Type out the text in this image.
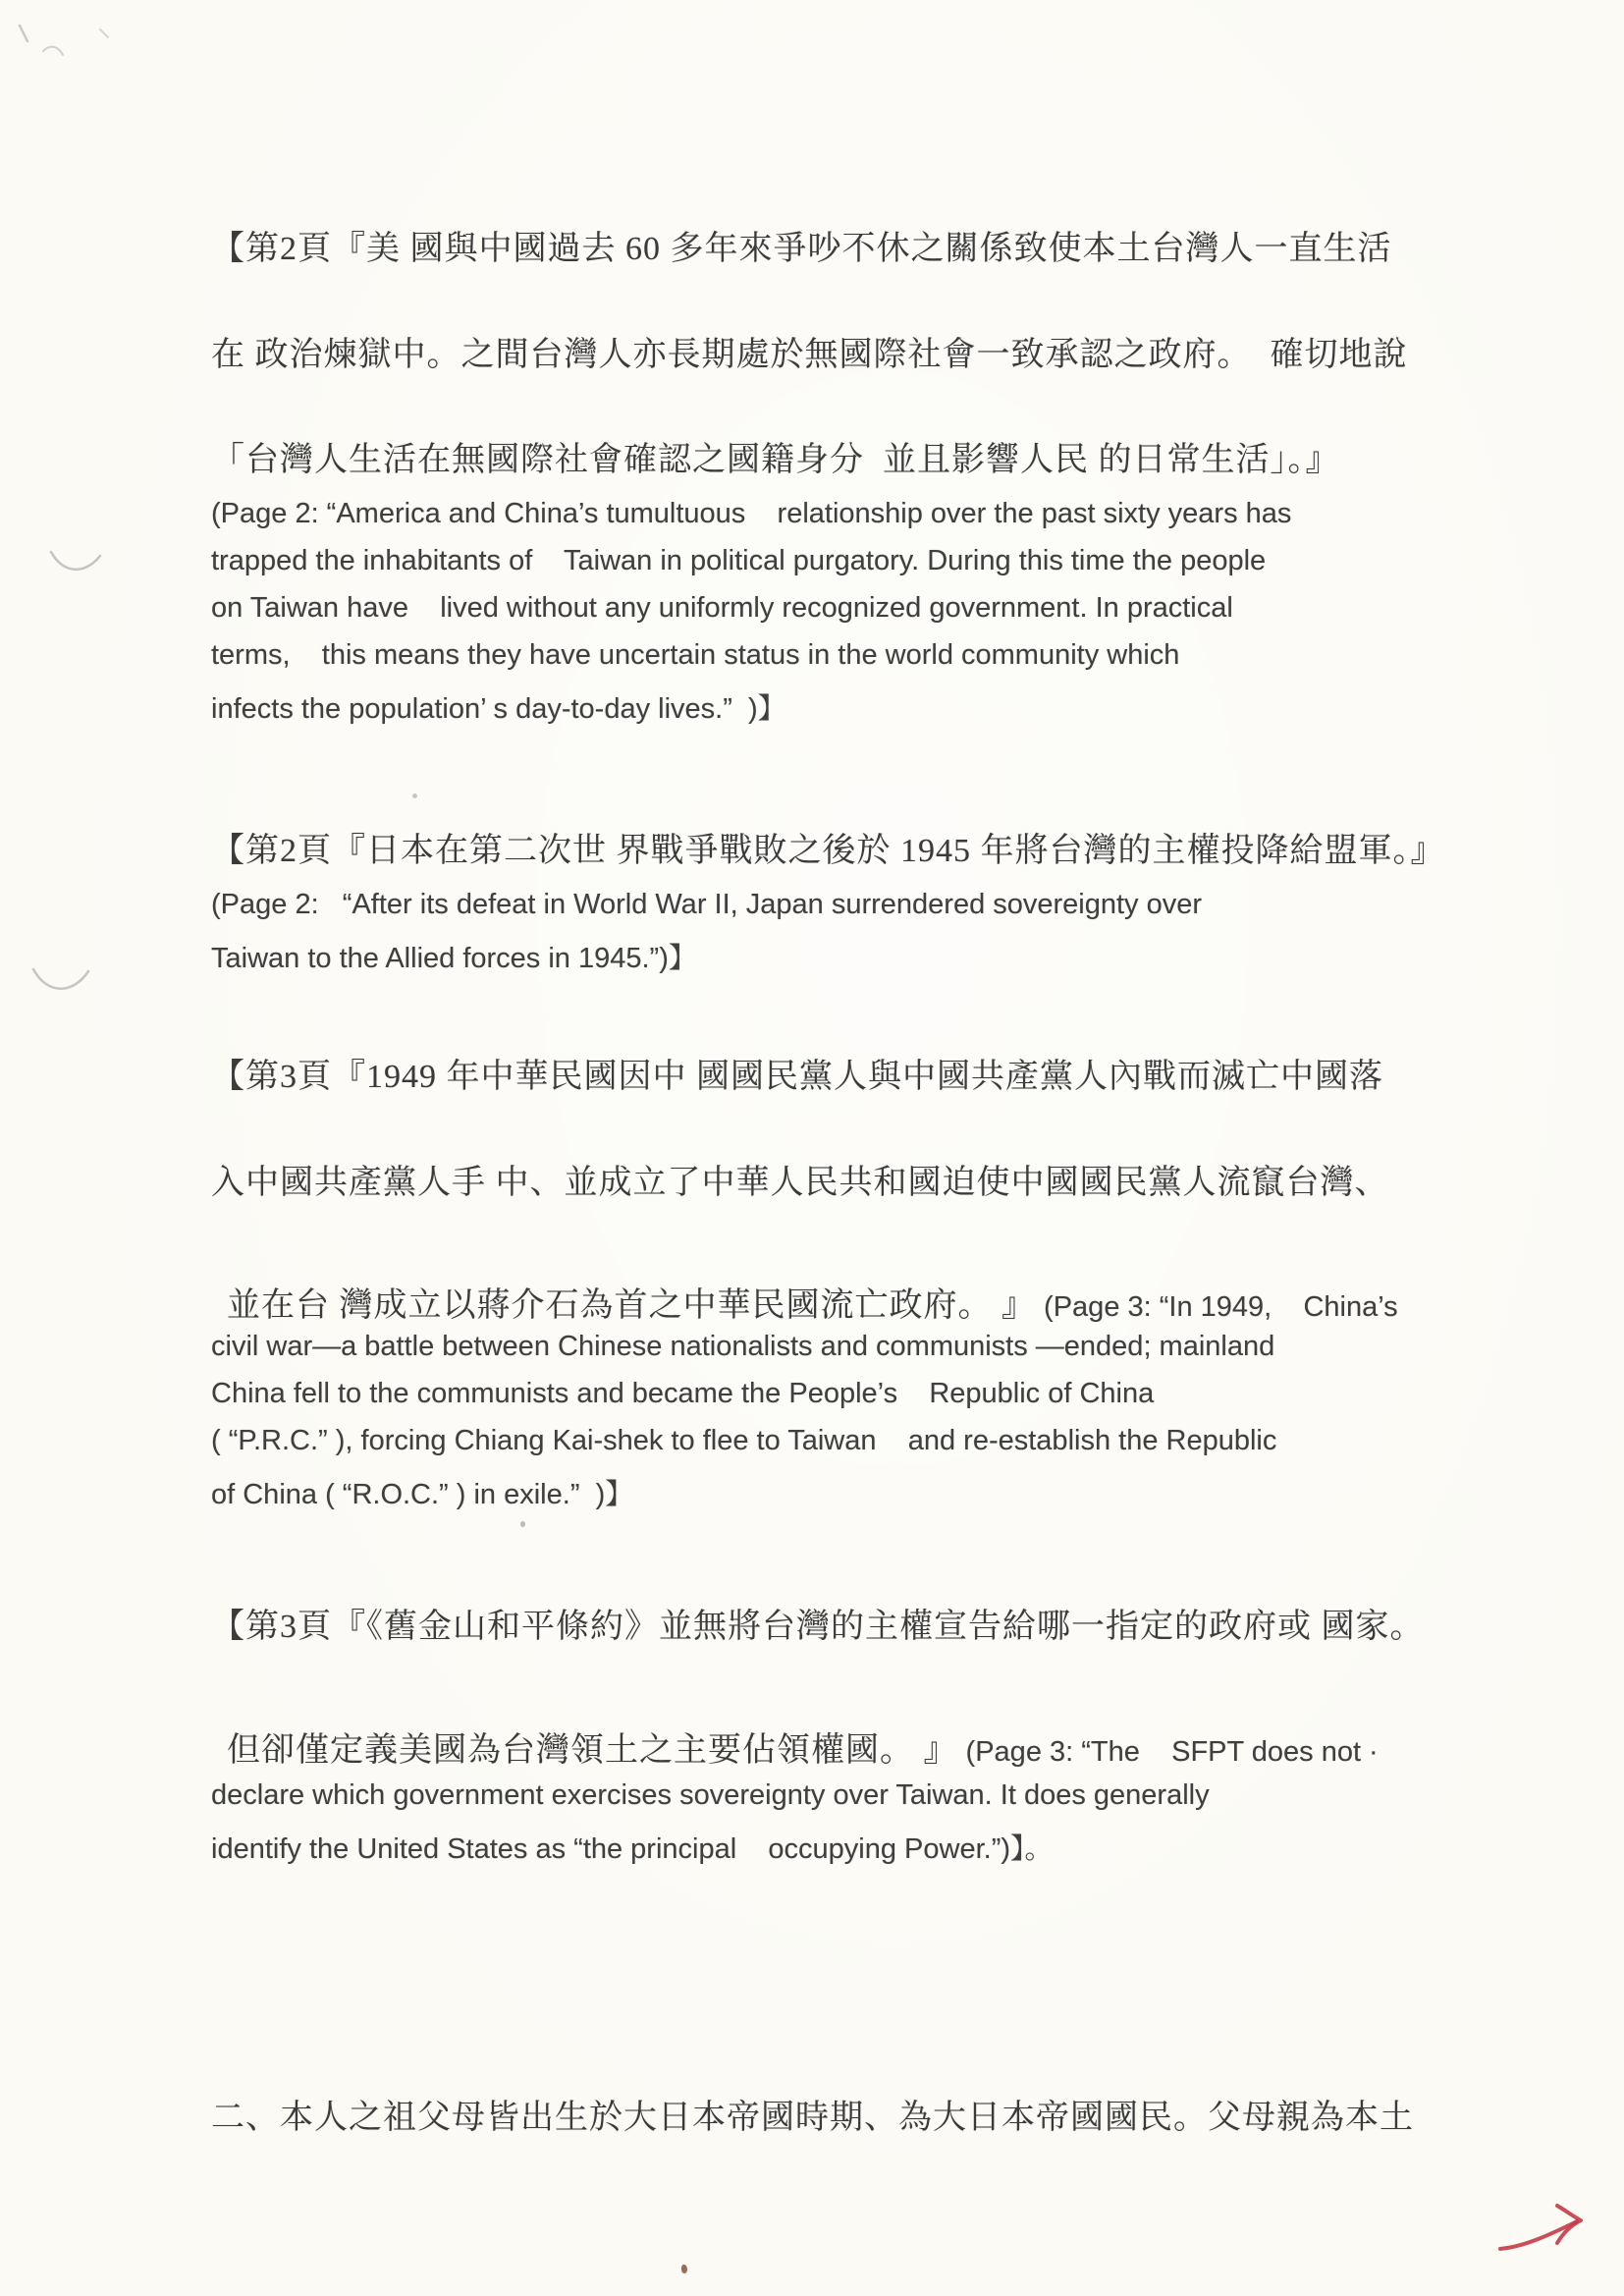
【第2頁『美 國與中國過去 60 多年來爭吵不休之關係致使本土台灣人一直生活
在 政治煉獄中。之間台灣人亦長期處於無國際社會一致承認之政府。  確切地說
「台灣人生活在無國際社會確認之國籍身分  並且影響人民 的日常生活」。』
(Page 2: “America and China’s tumultuous    relationship over the past sixty years has
trapped the inhabitants of    Taiwan in political purgatory. During this time the people
on Taiwan have    lived without any uniformly recognized government. In practical
terms,    this means they have uncertain status in the world community which
infects the population’ s day-to-day lives.”  )】
【第2頁『日本在第二次世 界戰爭戰敗之後於 1945 年將台灣的主權投降給盟軍。』
(Page 2:   “After its defeat in World War II, Japan surrendered sovereignty over
Taiwan to the Allied forces in 1945.”)】
【第3頁『1949 年中華民國因中 國國民黨人與中國共產黨人內戰而滅亡中國落
入中國共產黨人手 中、並成立了中華人民共和國迫使中國國民黨人流竄台灣、

並在台 灣成立以蔣介石為首之中華民國流亡政府。 』 (Page 3: “In 1949,    China’s

civil war—a battle between Chinese nationalists and communists —ended; mainland
China fell to the communists and became the People’s    Republic of China
( “P.R.C.” ), forcing Chiang Kai-shek to flee to Taiwan    and re-establish the Republic
of China ( “R.O.C.” ) in exile.”  )】
【第3頁『《舊金山和平條約》並無將台灣的主權宣告給哪一指定的政府或 國家。

但卻僅定義美國為台灣領土之主要佔領權國。 』 (Page 3: “The    SFPT does not ·

declare which government exercises sovereignty over Taiwan. It does generally
identify the United States as “the principal    occupying Power.”)】。
二、本人之祖父母皆出生於大日本帝國時期、為大日本帝國國民。父母親為本土
